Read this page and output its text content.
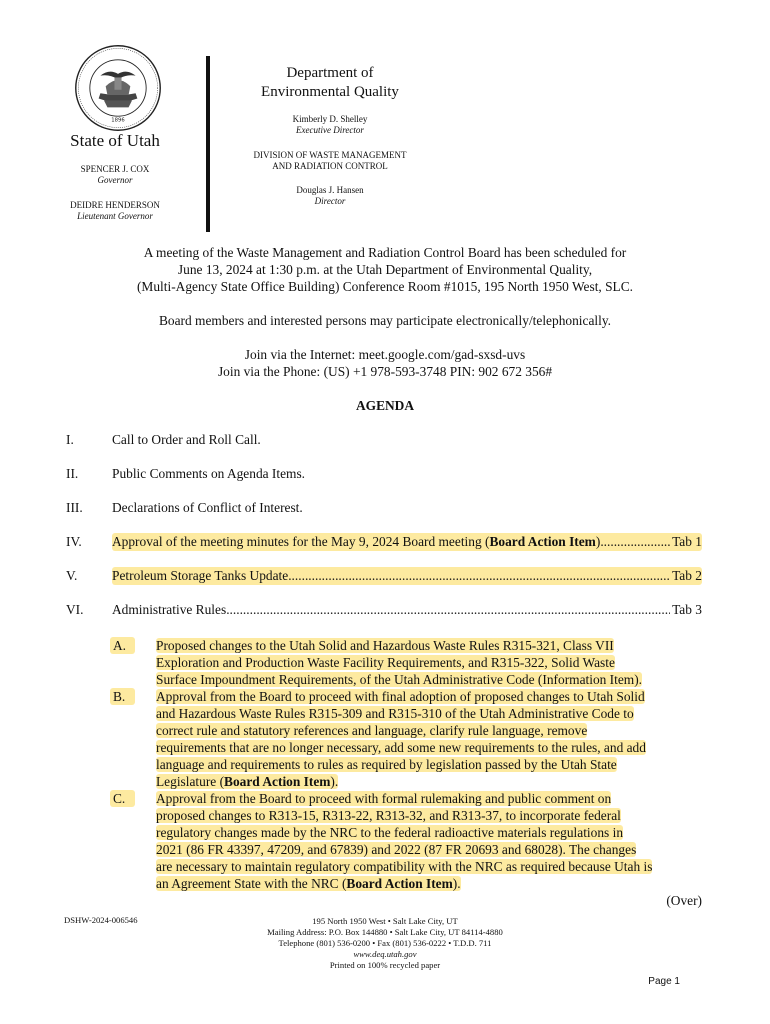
1896
State of Utah
SPENCER J. COX
Governor
DEIDRE HENDERSON
Lieutenant Governor
Department of
Environmental Quality
Kimberly D. Shelley
Executive Director
DIVISION OF WASTE MANAGEMENT
AND RADIATION CONTROL
Douglas J. Hansen
Director
A meeting of the Waste Management and Radiation Control Board has been scheduled for
June 13, 2024 at 1:30 p.m. at the Utah Department of Environmental Quality,
(Multi-Agency State Office Building) Conference Room #1015, 195 North 1950 West, SLC.
Board members and interested persons may participate electronically/telephonically.
Join via the Internet: meet.google.com/gad-sxsd-uvs
Join via the Phone: (US) +1 978-593-3748 PIN: 902 672 356#
AGENDA
I.	Call to Order and Roll Call.
II.	Public Comments on Agenda Items.
III. Declarations of Conflict of Interest.
IV. Approval of the meeting minutes for the May 9, 2024 Board meeting (Board Action Item) .....	Tab 1
V.	Petroleum Storage Tanks Update .....	Tab 2
VI. Administrative Rules .....	Tab 3
A.	Proposed changes to the Utah Solid and Hazardous Waste Rules R315-321, Class VII
Exploration and Production Waste Facility Requirements, and R315-322, Solid Waste
Surface Impoundment Requirements, of the Utah Administrative Code (Information Item).
B.	Approval from the Board to proceed with final adoption of proposed changes to Utah Solid
and Hazardous Waste Rules R315-309 and R315-310 of the Utah Administrative Code to
correct rule and statutory references and language, clarify rule language, remove
requirements that are no longer necessary, add some new requirements to the rules, and add
language and requirements to rules as required by legislation passed by the Utah State
Legislature (Board Action Item).
C.	Approval from the Board to proceed with formal rulemaking and public comment on
proposed changes to R313-15, R313-22, R313-32, and R313-37, to incorporate federal
regulatory changes made by the NRC to the federal radioactive materials regulations in
2021 (86 FR 43397, 47209, and 67839) and 2022 (87 FR 20693 and 68028). The changes
are necessary to maintain regulatory compatibility with the NRC as required because Utah is
an Agreement State with the NRC (Board Action Item).
(Over)
DSHW-2024-006546	195 North 1950 West • Salt Lake City, UT
Mailing Address: P.O. Box 144880 • Salt Lake City, UT 84114-4880
Telephone (801) 536-0200 • Fax (801) 536-0222 • T.D.D. 711
www.deq.utah.gov
Printed on 100% recycled paper
Page 1
